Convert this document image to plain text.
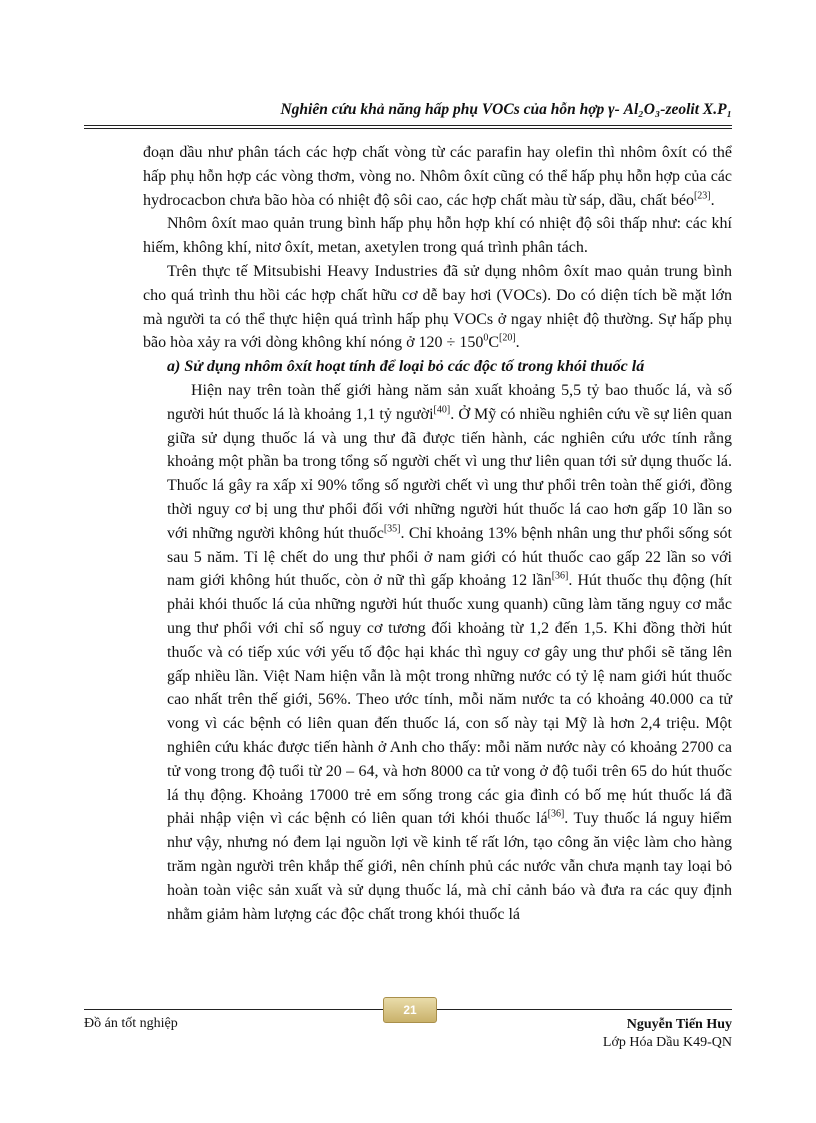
Nghiên cứu khả năng hấp phụ VOCs của hỗn hợp γ- Al₂O₃-zeolit X.P₁

đoạn dầu như phân tách các hợp chất vòng từ các parafin hay olefin thì nhôm ôxít có thể hấp phụ hỗn hợp các vòng thơm, vòng no. Nhôm ôxít cũng có thể hấp phụ hỗn hợp của các hydrocacbon chưa bão hòa có nhiệt độ sôi cao, các hợp chất màu từ sáp, dầu, chất béo[23].

Nhôm ôxít mao quản trung bình hấp phụ hỗn hợp khí có nhiệt độ sôi thấp như: các khí hiếm, không khí, nitơ ôxít, metan, axetylen trong quá trình phân tách.

Trên thực tế Mitsubishi Heavy Industries đã sử dụng nhôm ôxít mao quản trung bình cho quá trình thu hồi các hợp chất hữu cơ dễ bay hơi (VOCs). Do có diện tích bề mặt lớn mà người ta có thể thực hiện quá trình hấp phụ VOCs ở ngay nhiệt độ thường. Sự hấp phụ bão hòa xảy ra với dòng không khí nóng ở $120 \div 150^0C[20]$.

a) Sử dụng nhôm ôxít hoạt tính để loại bỏ các độc tố trong khói thuốc lá

Hiện nay trên toàn thế giới hàng năm sản xuất khoảng 5,5 tỷ bao thuốc lá, và số người hút thuốc lá là khoảng 1,1 tỷ người[40]. Ở Mỹ có nhiều nghiên cứu về sự liên quan giữa sử dụng thuốc lá và ung thư đã được tiến hành, các nghiên cứu ước tính rằng khoảng một phần ba trong tổng số người chết vì ung thư liên quan tới sử dụng thuốc lá. Thuốc lá gây ra xấp xỉ 90% tổng số người chết vì ung thư phổi trên toàn thế giới, đồng thời nguy cơ bị ung thư phổi đối với những người hút thuốc lá cao hơn gấp 10 lần so với những người không hút thuốc[35]. Chỉ khoảng 13% bệnh nhân ung thư phổi sống sót sau 5 năm. Tỉ lệ chết do ung thư phổi ở nam giới có hút thuốc cao gấp 22 lần so với nam giới không hút thuốc, còn ở nữ thì gấp khoảng 12 lần[36]. Hút thuốc thụ động (hít phải khói thuốc lá của những người hút thuốc xung quanh) cũng làm tăng nguy cơ mắc ung thư phổi với chỉ số nguy cơ tương đối khoảng từ 1,2 đến 1,5. Khi đồng thời hút thuốc và có tiếp xúc với yếu tố độc hại khác thì nguy cơ gây ung thư phổi sẽ tăng lên gấp nhiều lần. Việt Nam hiện vẫn là một trong những nước có tỷ lệ nam giới hút thuốc cao nhất trên thế giới, 56%. Theo ước tính, mỗi năm nước ta có khoảng 40.000 ca tử vong vì các bệnh có liên quan đến thuốc lá, con số này tại Mỹ là hơn 2,4 triệu. Một nghiên cứu khác được tiến hành ở Anh cho thấy: mỗi năm nước này có khoảng 2700 ca tử vong trong độ tuổi từ 20 – 64, và hơn 8000 ca tử vong ở độ tuổi trên 65 do hút thuốc lá thụ động. Khoảng 17000 trẻ em sống trong các gia đình có bố mẹ hút thuốc lá đã phải nhập viện vì các bệnh có liên quan tới khói thuốc lá[36]. Tuy thuốc lá nguy hiểm như vậy, nhưng nó đem lại nguồn lợi về kinh tế rất lớn, tạo công ăn việc làm cho hàng trăm ngàn người trên khắp thế giới, nên chính phủ các nước vẫn chưa mạnh tay loại bỏ hoàn toàn việc sản xuất và sử dụng thuốc lá, mà chỉ cảnh báo và đưa ra các quy định nhằm giảm hàm lượng các độc chất trong khói thuốc lá

21
Đồ án tốt nghiệp	Nguyễn Tiến Huy
Lớp Hóa Dầu K49-QN
